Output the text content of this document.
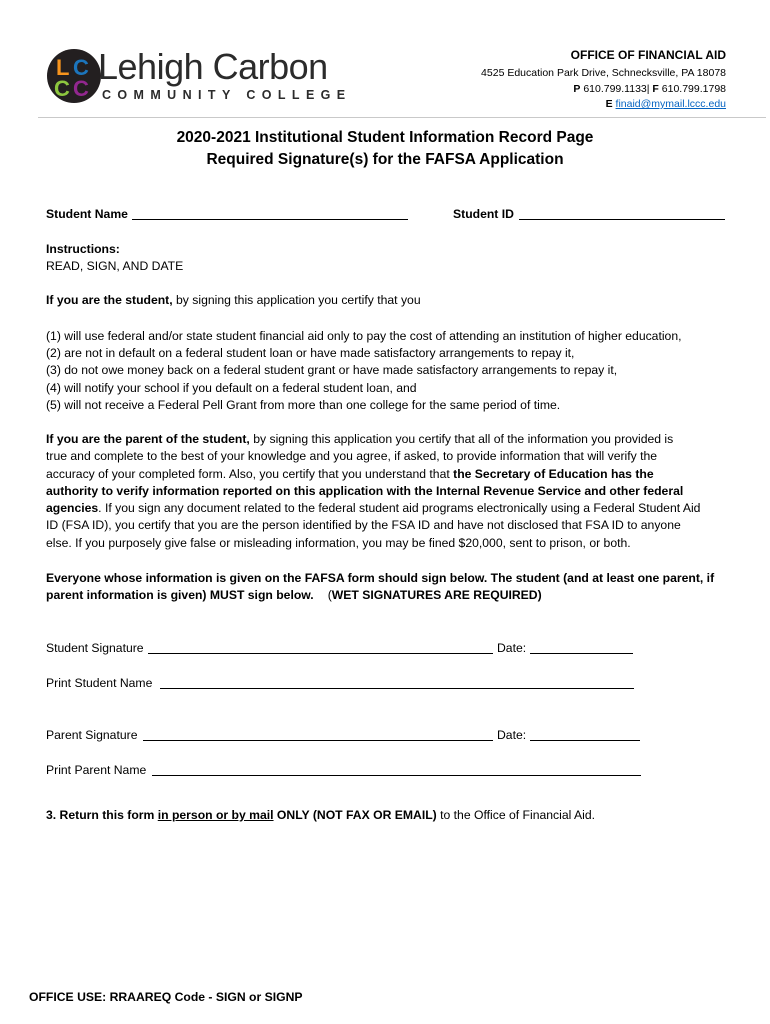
L C
C C
Lehigh Carbon
COMMUNITY COLLEGE
OFFICE OF FINANCIAL AID
4525 Education Park Drive, Schnecksville, PA 18078
P 610.799.1133| F 610.799.1798
E finaid@mymail.lccc.edu
2020-2021 Institutional Student Information Record Page
Required Signature(s) for the FAFSA Application
Student Name	Student ID
Instructions:
READ, SIGN, AND DATE
If you are the student, by signing this application you certify that you
(1) will use federal and/or state student financial aid only to pay the cost of attending an institution of higher education,
(2) are not in default on a federal student loan or have made satisfactory arrangements to repay it,
(3) do not owe money back on a federal student grant or have made satisfactory arrangements to repay it,
(4) will notify your school if you default on a federal student loan, and
(5) will not receive a Federal Pell Grant from more than one college for the same period of time.
If you are the parent of the student, by signing this application you certify that all of the information you provided is
true and complete to the best of your knowledge and you agree, if asked, to provide information that will verify the
accuracy of your completed form. Also, you certify that you understand that the Secretary of Education has the
authority to verify information reported on this application with the Internal Revenue Service and other federal
agencies. If you sign any document related to the federal student aid programs electronically using a Federal Student Aid
ID (FSA ID), you certify that you are the person identified by the FSA ID and have not disclosed that FSA ID to anyone
else. If you purposely give false or misleading information, you may be fined $20,000, sent to prison, or both.
Everyone whose information is given on the FAFSA form should sign below. The student (and at least one parent, if
parent information is given) MUST sign below. (WET SIGNATURES ARE REQUIRED)
Student Signature	Date:
Print Student Name
Parent Signature	Date:
Print Parent Name
3. Return this form in person or by mail ONLY (NOT FAX OR EMAIL) to the Office of Financial Aid.
OFFICE USE: RRAAREQ Code - SIGN or SIGNP
